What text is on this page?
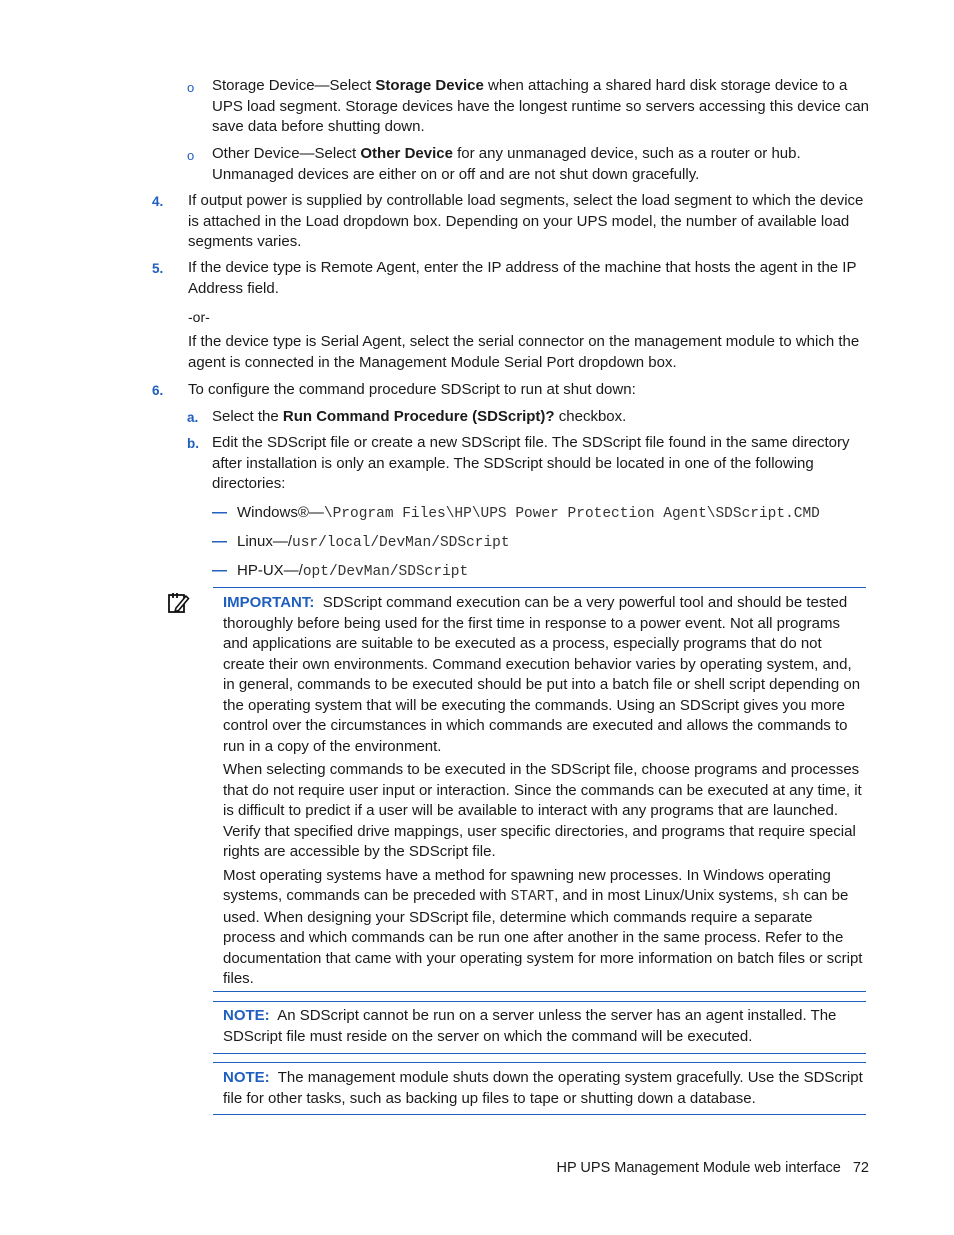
o Storage Device—Select Storage Device when attaching a shared hard disk storage device to a UPS load segment. Storage devices have the longest runtime so servers accessing this device can save data before shutting down.

o Other Device—Select Other Device for any unmanaged device, such as a router or hub. Unmanaged devices are either on or off and are not shut down gracefully.

4. If output power is supplied by controllable load segments, select the load segment to which the device is attached in the Load dropdown box. Depending on your UPS model, the number of available load segments varies.

5. If the device type is Remote Agent, enter the IP address of the machine that hosts the agent in the IP Address field.

-or-

If the device type is Serial Agent, select the serial connector on the management module to which the agent is connected in the Management Module Serial Port dropdown box.

6. To configure the command procedure SDScript to run at shut down:

a. Select the Run Command Procedure (SDScript)? checkbox.

b. Edit the SDScript file or create a new SDScript file. The SDScript file found in the same directory after installation is only an example. The SDScript should be located in one of the following directories:

— Windows®—\Program Files\HP\UPS Power Protection Agent\SDScript.CMD

— Linux—/usr/local/DevMan/SDScript

— HP-UX—/opt/DevMan/SDScript

IMPORTANT: SDScript command execution can be a very powerful tool and should be tested thoroughly before being used for the first time in response to a power event. Not all programs and applications are suitable to be executed as a process, especially programs that do not create their own environments. Command execution behavior varies by operating system, and, in general, commands to be executed should be put into a batch file or shell script depending on the operating system that will be executing the commands. Using an SDScript gives you more control over the circumstances in which commands are executed and allows the commands to run in a copy of the environment.

When selecting commands to be executed in the SDScript file, choose programs and processes that do not require user input or interaction. Since the commands can be executed at any time, it is difficult to predict if a user will be available to interact with any programs that are launched. Verify that specified drive mappings, user specific directories, and programs that require special rights are accessible by the SDScript file.

Most operating systems have a method for spawning new processes. In Windows operating systems, commands can be preceded with START, and in most Linux/Unix systems, sh can be used. When designing your SDScript file, determine which commands require a separate process and which commands can be run one after another in the same process. Refer to the documentation that came with your operating system for more information on batch files or script files.

NOTE: An SDScript cannot be run on a server unless the server has an agent installed. The SDScript file must reside on the server on which the command will be executed.

NOTE: The management module shuts down the operating system gracefully. Use the SDScript file for other tasks, such as backing up files to tape or shutting down a database.

HP UPS Management Module web interface 72
